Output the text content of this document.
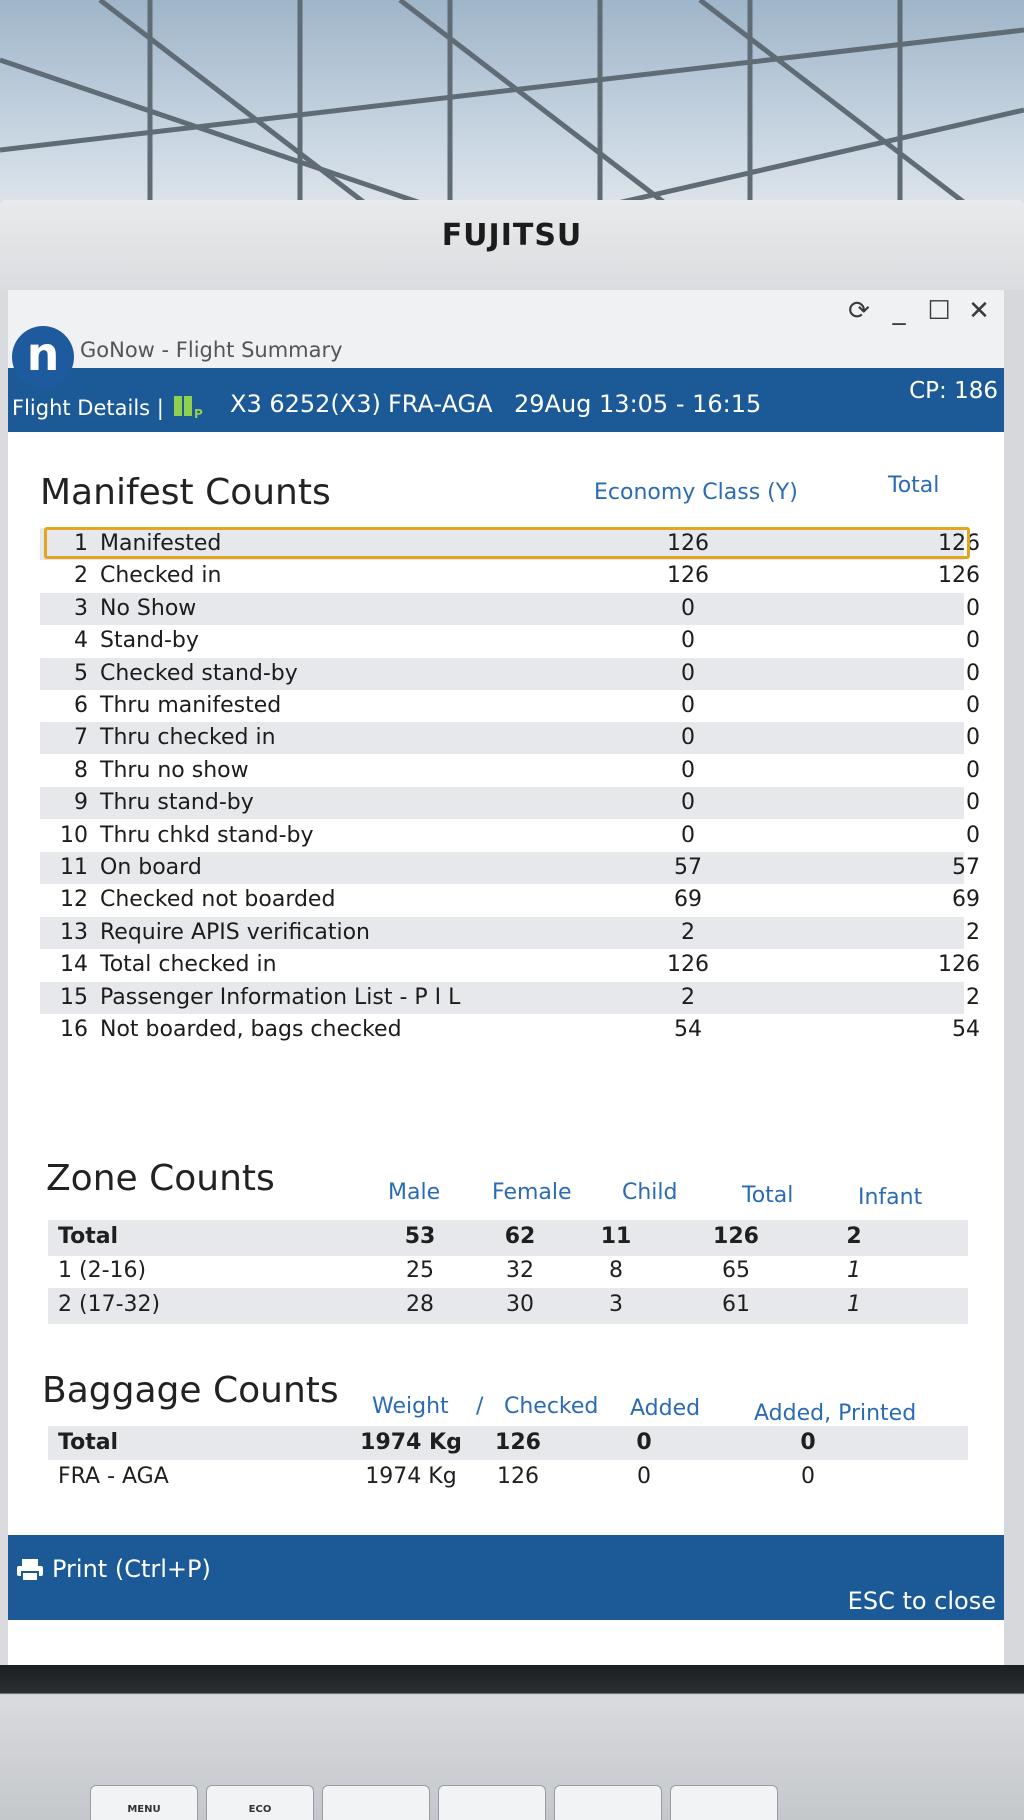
FUJITSU
MENU	ECO
n GoNow - Flight Summary
⟳ _ ☐ ✕
Flight Details |	P X3 6252(X3) FRA-AGA 29Aug 13:05 - 16:15	CP: 186
Manifest Counts	Economy Class (Y)	Total
1 Manifested	126	126
2 Checked in	126	126
3 No Show	0	0
4 Stand-by	0	0
5 Checked stand-by	0	0
6 Thru manifested	0	0
7 Thru checked in	0	0
8 Thru no show	0	0
9 Thru stand-by	0	0
10 Thru chkd stand-by	0	0
11 On board	57	57
12 Checked not boarded	69	69
13 Require APIS verification	2	2
14 Total checked in	126	126
15 Passenger Information List - P I L	2	2
16 Not boarded, bags checked	54	54
Zone Counts	Male Female Child	Total	Infant
Total	53	62	11	126	2
1 (2-16)	25	32	8	65	1
2 (17-32)	28	30	3	61	1
Baggage Counts Weight / Checked Added Added, Printed
Total	1974 Kg	126	0	0
FRA - AGA	1974 Kg	126	0	0
Print (Ctrl+P)
ESC to close
